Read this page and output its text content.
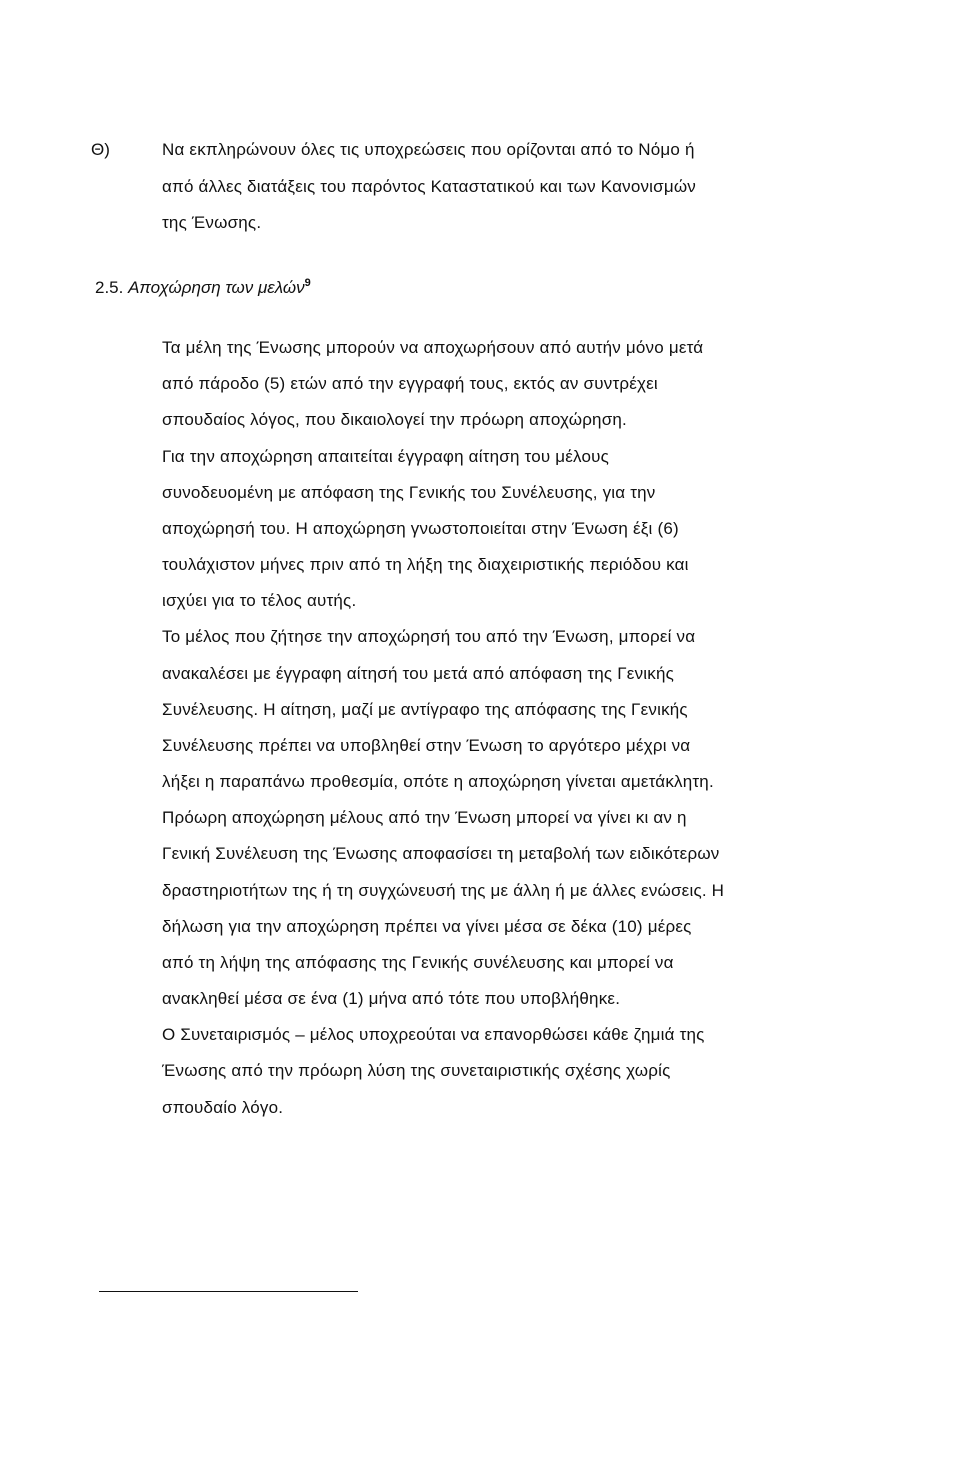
Θ)	Να εκπληρώνουν όλες τις υποχρεώσεις που ορίζονται από το Νόμο ή
από άλλες διατάξεις του παρόντος Καταστατικού και των Κανονισμών
της Ένωσης.
2.5. Αποχώρηση των μελών$^9$
Τα μέλη της Ένωσης μπορούν να αποχωρήσουν από αυτήν μόνο μετά
από πάροδο (5) ετών από την εγγραφή τους, εκτός αν συντρέχει
σπουδαίος λόγος, που δικαιολογεί την πρόωρη αποχώρηση.
Για την αποχώρηση απαιτείται έγγραφη αίτηση του μέλους
συνοδευομένη με απόφαση της Γενικής του Συνέλευσης, για την
αποχώρησή του. Η αποχώρηση γνωστοποιείται στην Ένωση έξι (6)
τουλάχιστον μήνες πριν από τη λήξη της διαχειριστικής περιόδου και
ισχύει για το τέλος αυτής.
Το μέλος που ζήτησε την αποχώρησή του από την Ένωση, μπορεί να
ανακαλέσει με έγγραφη αίτησή του μετά από απόφαση της Γενικής
Συνέλευσης. Η αίτηση, μαζί με αντίγραφο της απόφασης της Γενικής
Συνέλευσης πρέπει να υποβληθεί στην Ένωση το αργότερο μέχρι να
λήξει η παραπάνω προθεσμία, οπότε η αποχώρηση γίνεται αμετάκλητη.
Πρόωρη αποχώρηση μέλους από την Ένωση μπορεί να γίνει κι αν η
Γενική Συνέλευση της Ένωσης αποφασίσει τη μεταβολή των ειδικότερων
δραστηριοτήτων της ή τη συγχώνευσή της με άλλη ή με άλλες ενώσεις. Η
δήλωση για την αποχώρηση πρέπει να γίνει μέσα σε δέκα (10) μέρες
από τη λήψη της απόφασης της Γενικής συνέλευσης και μπορεί να
ανακληθεί μέσα σε ένα (1) μήνα από τότε που υποβλήθηκε.
Ο Συνεταιρισμός – μέλος υποχρεούται να επανορθώσει κάθε ζημιά της
Ένωσης από την πρόωρη λύση της συνεταιριστικής σχέσης χωρίς
σπουδαίο λόγο.
